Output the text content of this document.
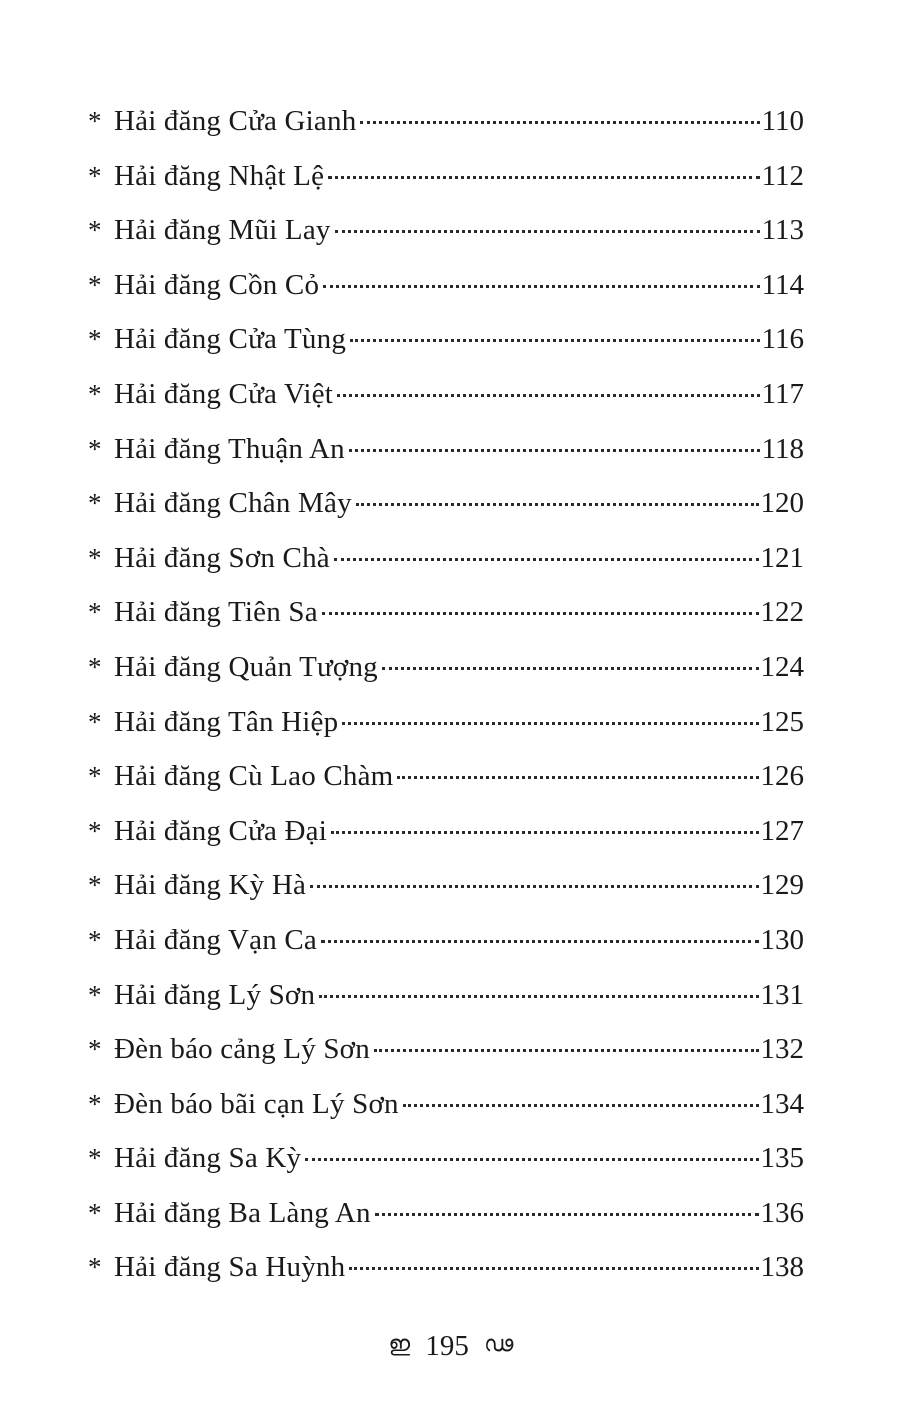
* Hải đăng Cửa Gianh	110
* Hải đăng Nhật Lệ	112
* Hải đăng Mũi Lay	113
* Hải đăng Cồn Cỏ	114
* Hải đăng Cửa Tùng	116
* Hải đăng Cửa Việt	117
* Hải đăng Thuận An	118
* Hải đăng Chân Mây	120
* Hải đăng Sơn Chà	121
* Hải đăng Tiên Sa	122
* Hải đăng Quản Tượng	124
* Hải đăng Tân Hiệp	125
* Hải đăng Cù Lao Chàm	126
* Hải đăng Cửa Đại	127
* Hải đăng Kỳ Hà	129
* Hải đăng Vạn Ca	130
* Hải đăng Lý Sơn	131
* Đèn báo cảng Lý Sơn	132
* Đèn báo bãi cạn Lý Sơn	134
* Hải đăng Sa Kỳ	135
* Hải đăng Ba Làng An	136
* Hải đăng Sa Huỳnh	138
ഇ 195 ഢ
